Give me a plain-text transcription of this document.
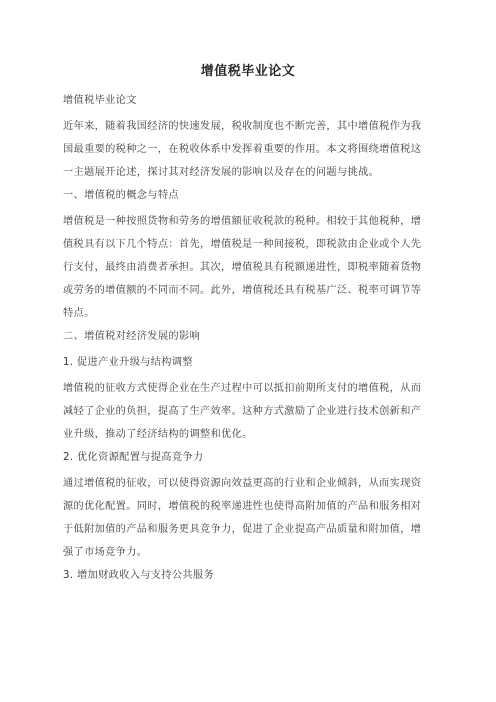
增值税毕业论文
增值税毕业论文
近年来，随着我国经济的快速发展，税收制度也不断完善，其中增值税作为我
国最重要的税种之一，在税收体系中发挥着重要的作用。本文将围绕增值税这
一主题展开论述，探讨其对经济发展的影响以及存在的问题与挑战。
一、增值税的概念与特点
增值税是一种按照货物和劳务的增值额征收税款的税种。相较于其他税种，增
值税具有以下几个特点：首先，增值税是一种间接税，即税款由企业或个人先
行支付，最终由消费者承担。其次，增值税具有税额递进性，即税率随着货物
或劳务的增值额的不同而不同。此外，增值税还具有税基广泛、税率可调节等
特点。
二、增值税对经济发展的影响
1. 促进产业升级与结构调整
增值税的征收方式使得企业在生产过程中可以抵扣前期所支付的增值税，从而
减轻了企业的负担，提高了生产效率。这种方式激励了企业进行技术创新和产
业升级，推动了经济结构的调整和优化。
2. 优化资源配置与提高竞争力
通过增值税的征收，可以使得资源向效益更高的行业和企业倾斜，从而实现资
源的优化配置。同时，增值税的税率递进性也使得高附加值的产品和服务相对
于低附加值的产品和服务更具竞争力，促进了企业提高产品质量和附加值，增
强了市场竞争力。
3. 增加财政收入与支持公共服务
